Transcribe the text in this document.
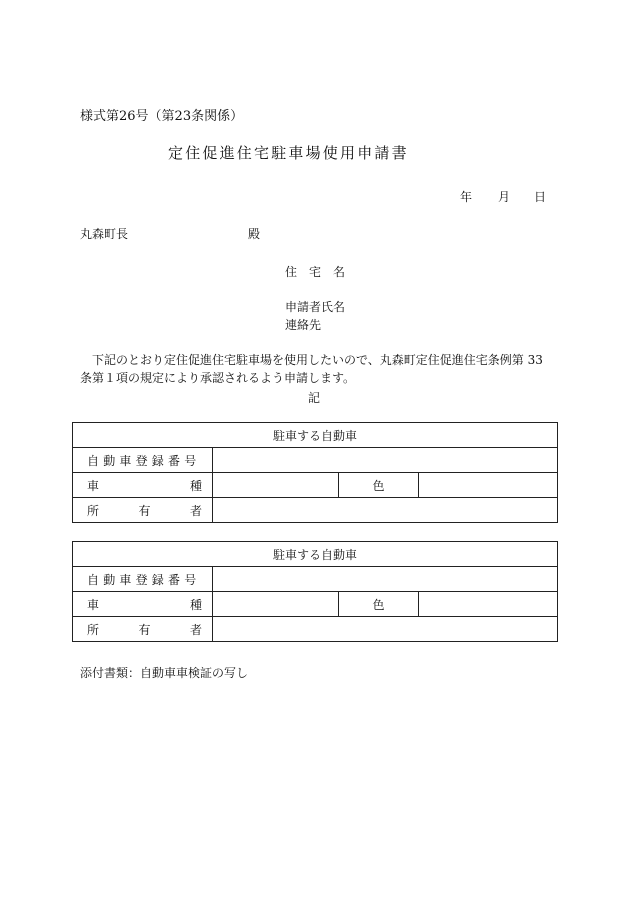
様式第26号（第23条関係）
定住促進住宅駐車場使用申請書
年 月 日
丸森町長	殿
住宅名
申請者氏名
連絡先
下記のとおり定住促進住宅駐車場を使用したいので、丸森町定住促進住宅条例第 33 条第１項の規定により承認されるよう申請します。
記
駐車する自動車			
自動車登録番号			

車 種		色	

所 有 者			

駐車する自動車			
自動車登録番号			

車 種		色	

所 有 者			

添付書類：自動車車検証の写し
